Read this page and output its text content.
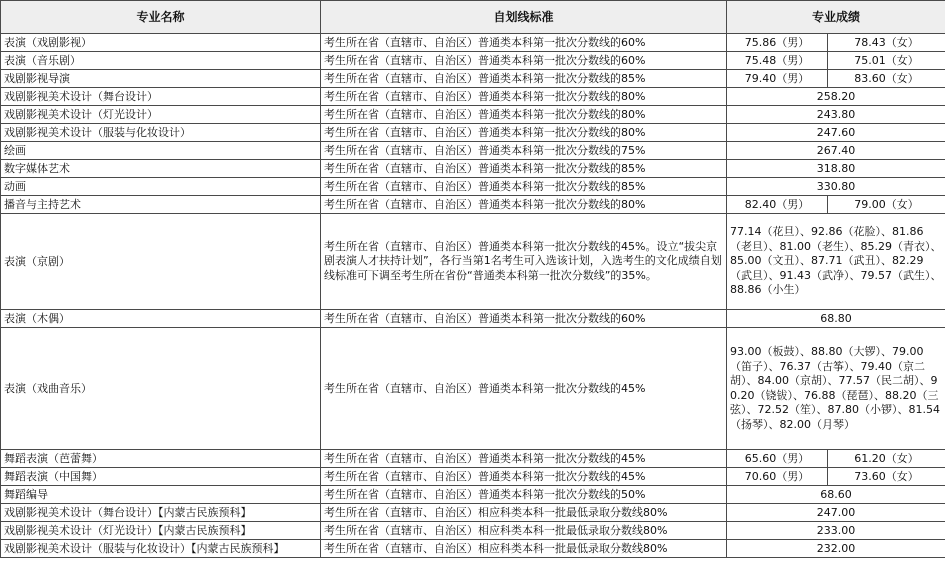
专业名称	自划线标准	专业成绩	
表演（戏剧影视）	考生所在省（直辖市、自治区）普通类本科第一批次分数线的60%	75.86（男）	78.43（女）
表演（音乐剧）	考生所在省（直辖市、自治区）普通类本科第一批次分数线的60%	75.48（男）	75.01（女）
戏剧影视导演	考生所在省（直辖市、自治区）普通类本科第一批次分数线的85%	79.40（男）	83.60（女）
戏剧影视美术设计（舞台设计）	考生所在省（直辖市、自治区）普通类本科第一批次分数线的80%	258.20	
戏剧影视美术设计（灯光设计）	考生所在省（直辖市、自治区）普通类本科第一批次分数线的80%	243.80	
戏剧影视美术设计（服装与化妆设计）	考生所在省（直辖市、自治区）普通类本科第一批次分数线的80%	247.60	
绘画	考生所在省（直辖市、自治区）普通类本科第一批次分数线的75%	267.40	
数字媒体艺术	考生所在省（直辖市、自治区）普通类本科第一批次分数线的85%	318.80	
动画	考生所在省（直辖市、自治区）普通类本科第一批次分数线的85%	330.80	
播音与主持艺术	考生所在省（直辖市、自治区）普通类本科第一批次分数线的80%	82.40（男）	79.00（女）
表演（京剧）	考生所在省（直辖市、自治区）普通类本科第一批次分数线的45%。设立“拔尖京剧表演人才扶持计划”，各行当第1名考生可入选该计划，入选考生的文化成绩自划线标准可下调至考生所在省份“普通类本科第一批次分数线”的35%。	77.14（花旦）、92.86（花脸）、81.86（老旦）、81.00（老生）、85.29（青衣）、85.00（文丑）、87.71（武丑）、82.29（武旦）、91.43（武净）、79.57（武生）、88.86（小生）	
表演（木偶）	考生所在省（直辖市、自治区）普通类本科第一批次分数线的60%	68.80	
表演（戏曲音乐）	考生所在省（直辖市、自治区）普通类本科第一批次分数线的45%	93.00（板鼓）、88.80（大锣）、79.00（笛子）、76.37（古筝）、79.40（京二胡）、84.00（京胡）、77.57（民二胡）、90.20（铙钹）、76.88（琵琶）、88.20（三弦）、72.52（笙）、87.80（小锣）、81.54（扬琴）、82.00（月琴）	
舞蹈表演（芭蕾舞）	考生所在省（直辖市、自治区）普通类本科第一批次分数线的45%	65.60（男）	61.20（女）
舞蹈表演（中国舞）	考生所在省（直辖市、自治区）普通类本科第一批次分数线的45%	70.60（男）	73.60（女）
舞蹈编导	考生所在省（直辖市、自治区）普通类本科第一批次分数线的50%	68.60	
戏剧影视美术设计（舞台设计）【内蒙古民族预科】	考生所在省（直辖市、自治区）相应科类本科一批最低录取分数线80%	247.00	
戏剧影视美术设计（灯光设计）【内蒙古民族预科】	考生所在省（直辖市、自治区）相应科类本科一批最低录取分数线80%	233.00	
戏剧影视美术设计（服装与化妆设计）【内蒙古民族预科】	考生所在省（直辖市、自治区）相应科类本科一批最低录取分数线80%	232.00	
